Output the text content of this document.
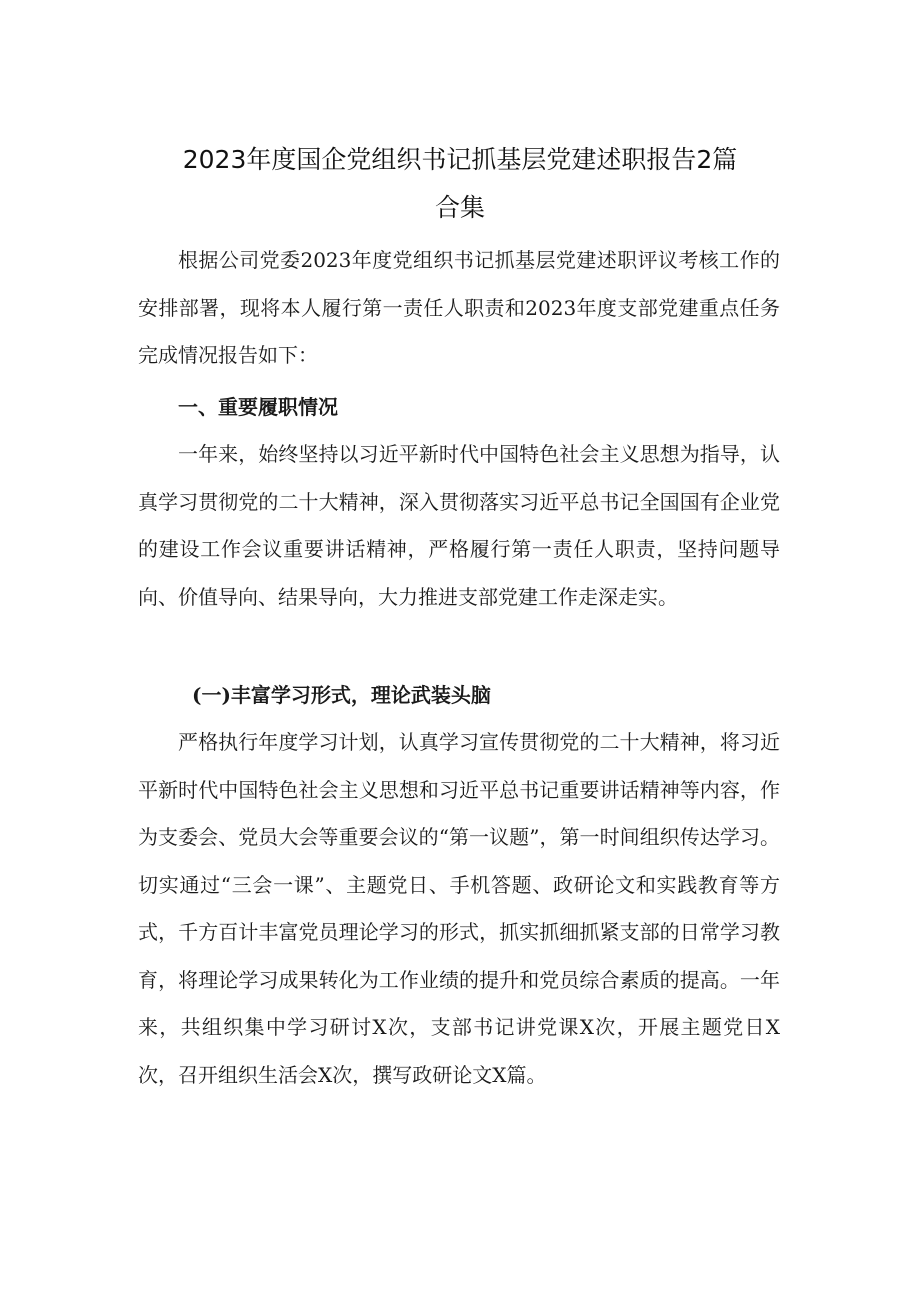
2023年度国企党组织书记抓基层党建述职报告2篇
合集

根据公司党委2023年度党组织书记抓基层党建述职评议考核工作的安排部署，现将本人履行第一责任人职责和2023年度支部党建重点任务完成情况报告如下：

一、重要履职情况

一年来，始终坚持以习近平新时代中国特色社会主义思想为指导，认真学习贯彻党的二十大精神，深入贯彻落实习近平总书记全国国有企业党的建设工作会议重要讲话精神，严格履行第一责任人职责，坚持问题导向、价值导向、结果导向，大力推进支部党建工作走深走实。

(一)丰富学习形式，理论武装头脑

严格执行年度学习计划，认真学习宣传贯彻党的二十大精神，将习近平新时代中国特色社会主义思想和习近平总书记重要讲话精神等内容，作为支委会、党员大会等重要会议的“第一议题”，第一时间组织传达学习。切实通过“三会一课”、主题党日、手机答题、政研论文和实践教育等方式，千方百计丰富党员理论学习的形式，抓实抓细抓紧支部的日常学习教育，将理论学习成果转化为工作业绩的提升和党员综合素质的提高。一年来，共组织集中学习研讨X次，支部书记讲党课X次，开展主题党日X次，召开组织生活会X次，撰写政研论文X篇。
